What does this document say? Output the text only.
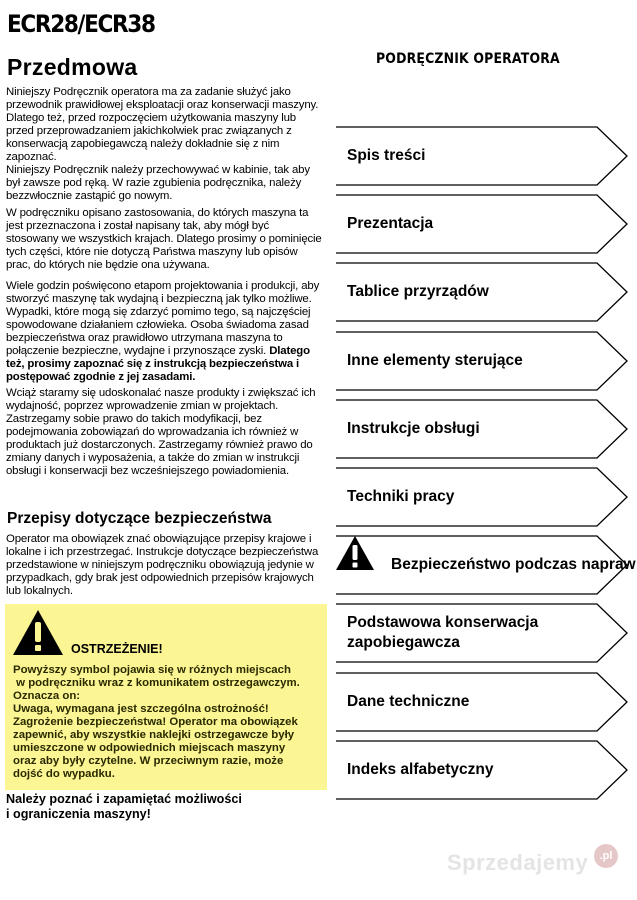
ECR28/ECR38
Przedmowa

Niniejszy Podręcznik operatora ma za zadanie służyć jako przewodnik prawidłowej eksploatacji oraz konserwacji maszyny. Dlatego też, przed rozpoczęciem użytkowania maszyny lub przed przeprowadzaniem jakichkolwiek prac związanych z konserwacją zapobiegawczą należy dokładnie się z nim zapoznać.

Niniejszy Podręcznik należy przechowywać w kabinie, tak aby był zawsze pod ręką. W razie zgubienia podręcznika, należy bezzwłocznie zastąpić go nowym.

W podręczniku opisano zastosowania, do których maszyna ta jest przeznaczona i został napisany tak, aby mógł być stosowany we wszystkich krajach. Dlatego prosimy o pominięcie tych części, które nie dotyczą Państwa maszyny lub opisów prac, do których nie będzie ona używana.

Wiele godzin poświęcono etapom projektowania i produkcji, aby stworzyć maszynę tak wydajną i bezpieczną jak tylko możliwe. Wypadki, które mogą się zdarzyć pomimo tego, są najczęściej spowodowane działaniem człowieka. Osoba świadoma zasad bezpieczeństwa oraz prawidłowo utrzymana maszyna to połączenie bezpieczne, wydajne i przynoszące zyski. Dlatego też, prosimy zapoznać się z instrukcją bezpieczeństwa i postępować zgodnie z jej zasadami.

Wciąż staramy się udoskonalać nasze produkty i zwiększać ich wydajność, poprzez wprowadzenie zmian w projektach. Zastrzegamy sobie prawo do takich modyfikacji, bez podejmowania zobowiązań do wprowadzania ich również w produktach już dostarczonych. Zastrzegamy również prawo do zmiany danych i wyposażenia, a także do zmian w instrukcji obsługi i konserwacji bez wcześniejszego powiadomienia.

Przepisy dotyczące bezpieczeństwa

Operator ma obowiązek znać obowiązujące przepisy krajowe i lokalne i ich przestrzegać. Instrukcje dotyczące bezpieczeństwa przedstawione w niniejszym podręczniku obowiązują jedynie w przypadkach, gdy brak jest odpowiednich przepisów krajowych lub lokalnych.

OSTRZEŻENIE!
Powyższy symbol pojawia się w różnych miejscach
w podręczniku wraz z komunikatem ostrzegawczym.
Oznacza on:
Uwaga, wymagana jest szczególna ostrożność!
Zagrożenie bezpieczeństwa! Operator ma obowiązek
zapewnić, aby wszystkie naklejki ostrzegawcze były
umieszczone w odpowiednich miejscach maszyny
oraz aby były czytelne. W przeciwnym razie, może
dojść do wypadku.
Należy poznać i zapamiętać możliwości
i ograniczenia maszyny!
PODRĘCZNIK OPERATORA
Spis treści
Prezentacja
Tablice przyrządów
Inne elementy sterujące
Instrukcje obsługi
Techniki pracy
Bezpieczeństwo podczas napraw
Podstawowa konserwacja zapobiegawcza
Dane techniczne
Indeks alfabetyczny
Sprzedajemy	.pl
